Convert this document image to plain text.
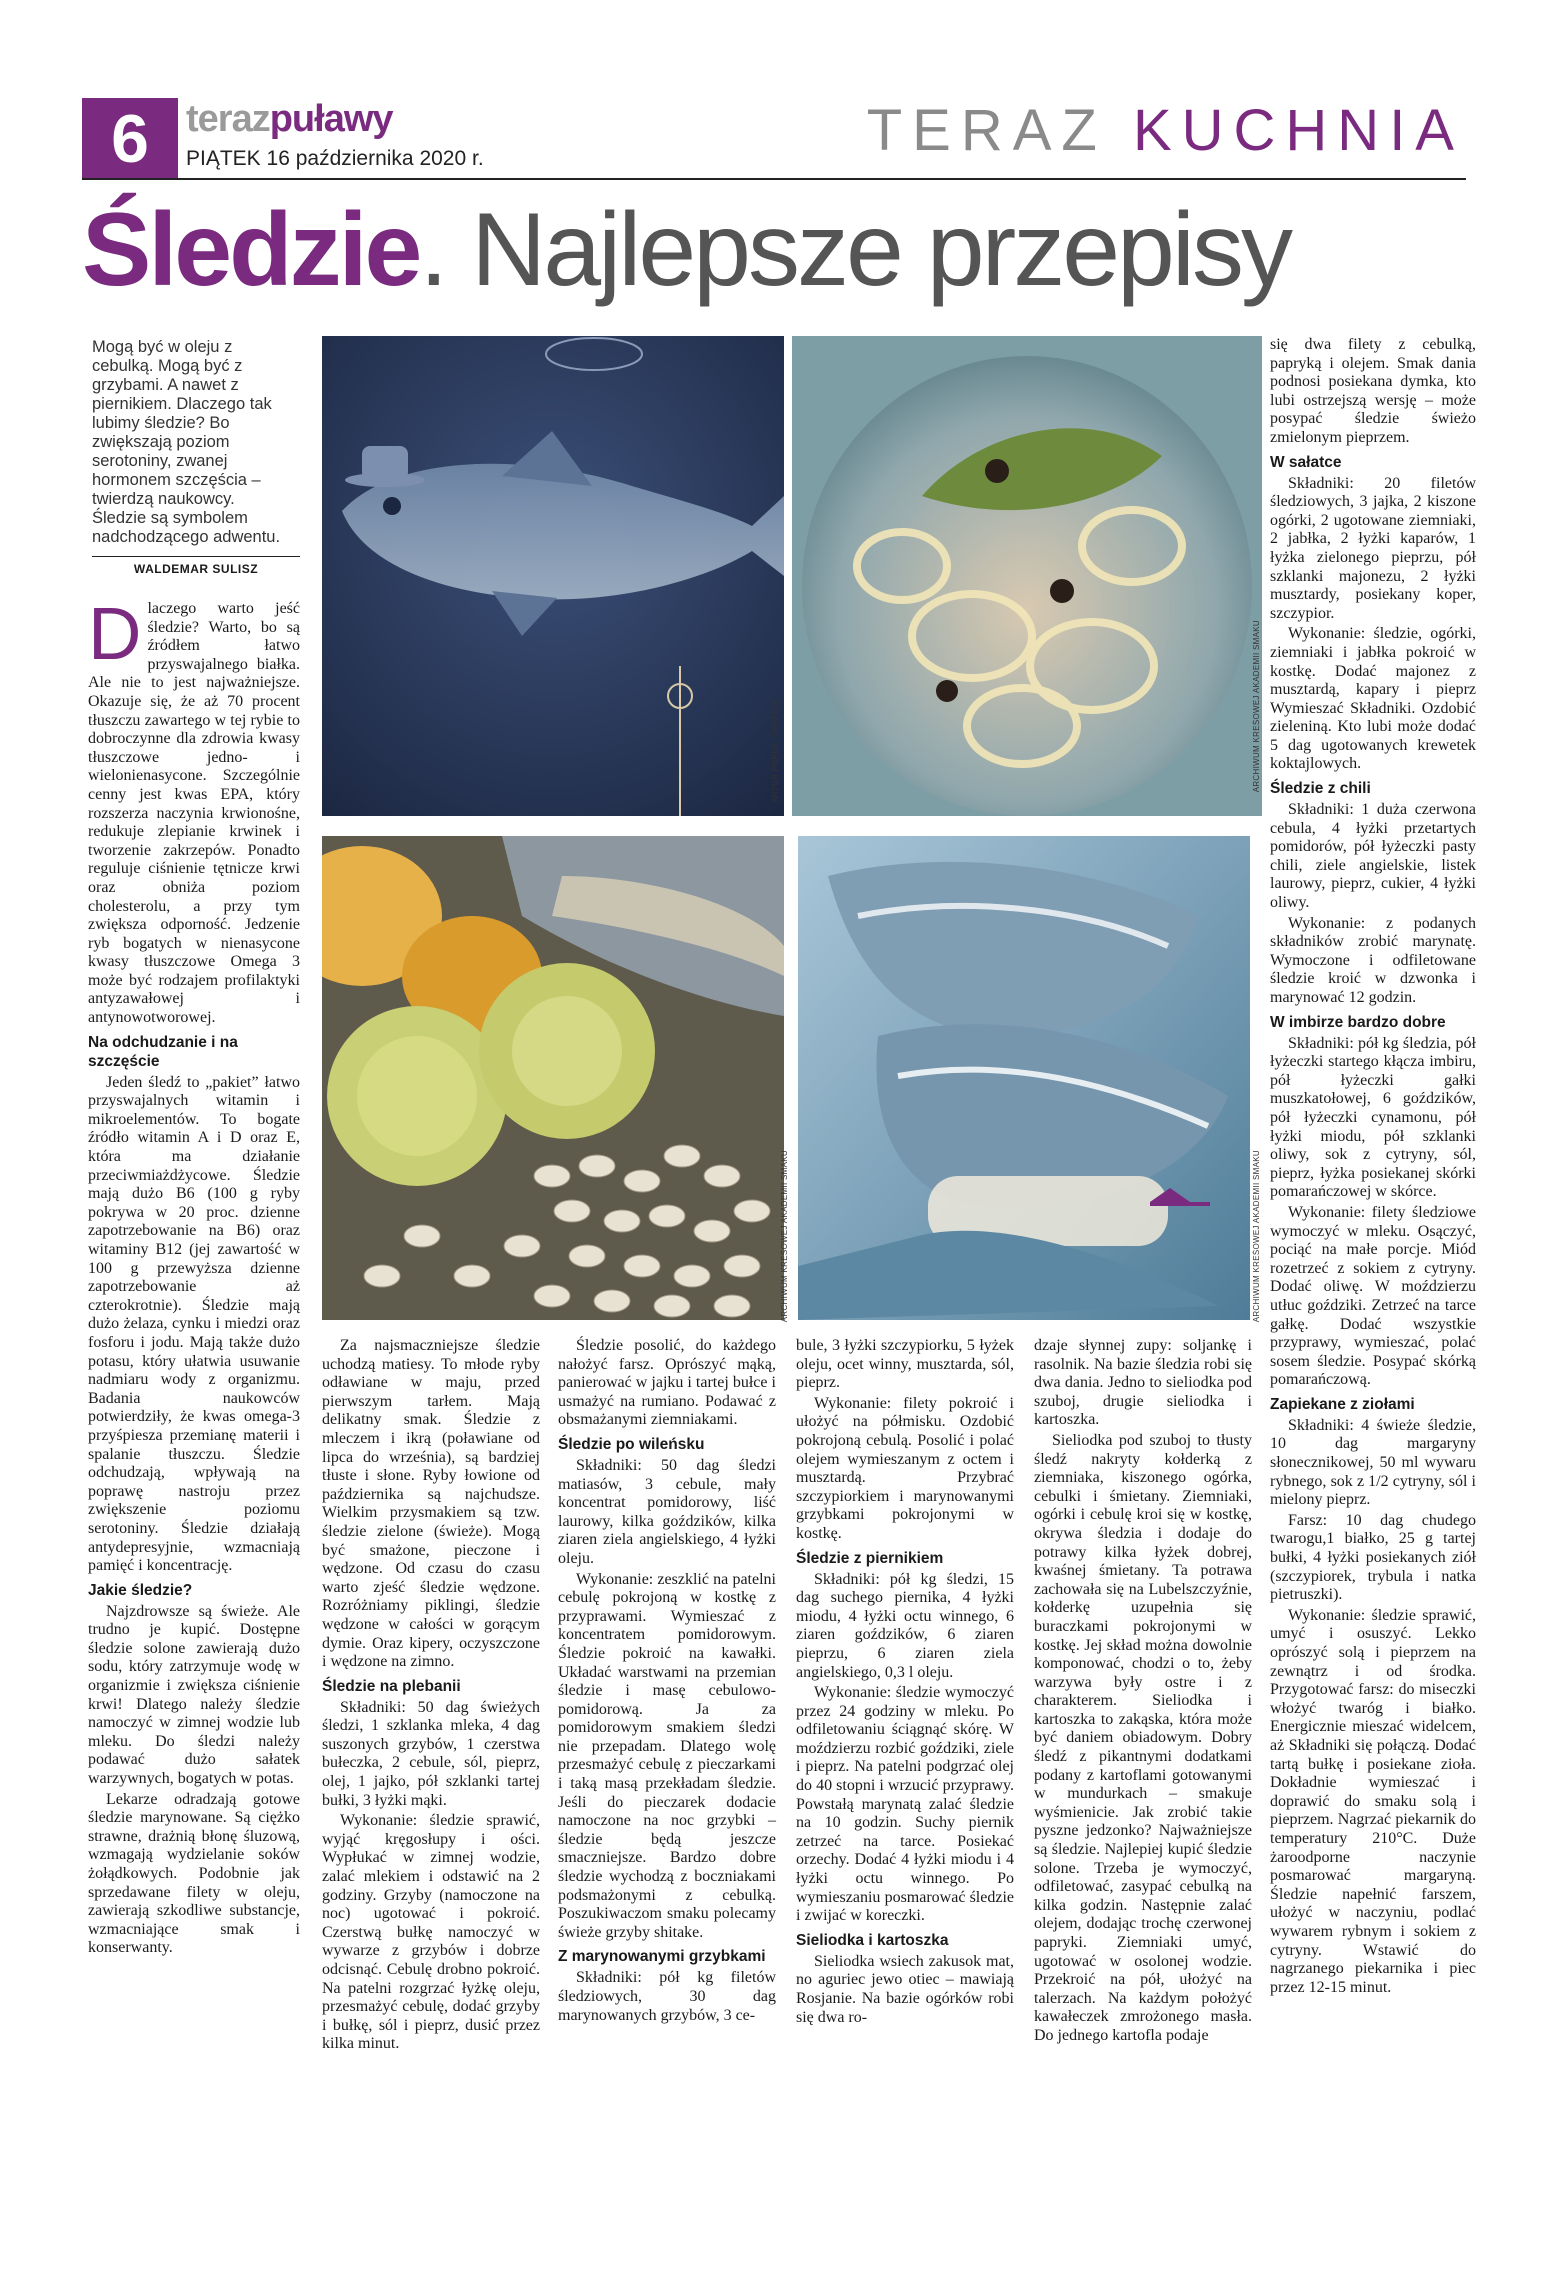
6 terazpuławy
PIĄTEK 16 października 2020 r.	TERAZ KUCHNIA
Śledzie. Najlepsze przepisy
Mogą być w oleju z cebulką. Mogą być z grzybami. A nawet z piernikiem. Dlaczego tak lubimy śledzie? Bo zwiększają poziom serotoniny, zwanej hormonem szczęścia – twierdzą naukowcy. Śledzie są symbolem nadchodzącego adwentu.
WALDEMAR SULISZ
ARTUR POPEK, GRAFIKA	ARCHIWUM KREŚOWEJ AKADEMII SMAKU
ARCHIWUM KREŚOWEJ AKADEMII SMAKU	ARCHIWUM KREŚOWEJ AKADEMII SMAKU

Dlaczego warto jeść śledzie? Warto, bo są źródłem łatwo przyswajalnego białka. Ale nie to jest najważniejsze. Okazuje się, że aż 70 procent tłuszczu zawartego w tej rybie to dobroczynne dla zdrowia kwasy tłuszczowe jedno- i wielonienasycone. Szczególnie cenny jest kwas EPA, który rozszerza naczynia krwionośne, redukuje zlepianie krwinek i tworzenie zakrzepów. Ponadto reguluje ciśnienie tętnicze krwi oraz obniża poziom cholesterolu, a przy tym zwiększa odporność. Jedzenie ryb bogatych w nienasycone kwasy tłuszczowe Omega 3 może być rodzajem profilaktyki antyzawałowej i antynowotworowej.

Na odchudzanie i na szczęście

Jeden śledź to „pakiet” łatwo przyswajalnych witamin i mikroelementów. To bogate źródło witamin A i D oraz E, która ma działanie przeciwmiażdżycowe. Śledzie mają dużo B6 (100 g ryby pokrywa w 20 proc. dzienne zapotrzebowanie na B6) oraz witaminy B12 (jej zawartość w 100 g przewyższa dzienne zapotrzebowanie aż czterokrotnie). Śledzie mają dużo żelaza, cynku i miedzi oraz fosforu i jodu. Mają także dużo potasu, który ułatwia usuwanie nadmiaru wody z organizmu. Badania naukowców potwierdziły, że kwas omega-3 przyśpiesza przemianę materii i spalanie tłuszczu. Śledzie odchudzają, wpływają na poprawę nastroju przez zwiększenie poziomu serotoniny. Śledzie działają antydepresyjnie, wzmacniają pamięć i koncentrację.

Jakie śledzie?

Najzdrowsze są świeże. Ale trudno je kupić. Dostępne śledzie solone zawierają dużo sodu, który zatrzymuje wodę w organizmie i zwiększa ciśnienie krwi! Dlatego należy śledzie namoczyć w zimnej wodzie lub mleku. Do śledzi należy podawać dużo sałatek warzywnych, bogatych w potas.

Lekarze odradzają gotowe śledzie marynowane. Są ciężko strawne, drażnią błonę śluzową, wzmagają wydzielanie soków żołądkowych. Podobnie jak sprzedawane filety w oleju, zawierają szkodliwe substancje, wzmacniające smak i konserwanty.

Za najsmaczniejsze śledzie uchodzą matiesy. To młode ryby odławiane w maju, przed pierwszym tarłem. Mają delikatny smak. Śledzie z mleczem i ikrą (poławiane od lipca do września), są bardziej tłuste i słone. Ryby łowione od października są najchudsze. Wielkim przysmakiem są tzw. śledzie zielone (świeże). Mogą być smażone, pieczone i wędzone. Od czasu do czasu warto zjeść śledzie wędzone. Rozróżniamy piklingi, śledzie wędzone w całości w gorącym dymie. Oraz kipery, oczyszczone i wędzone na zimno.

Śledzie na plebanii

Składniki: 50 dag świeżych śledzi, 1 szklanka mleka, 4 dag suszonych grzybów, 1 czerstwa bułeczka, 2 cebule, sól, pieprz, olej, 1 jajko, pół szklanki tartej bułki, 3 łyżki mąki.

Wykonanie: śledzie sprawić, wyjąć kręgosłupy i ości. Wypłukać w zimnej wodzie, zalać mlekiem i odstawić na 2 godziny. Grzyby (namoczone na noc) ugotować i pokroić. Czerstwą bułkę namoczyć w wywarze z grzybów i dobrze odcisnąć. Cebulę drobno pokroić. Na patelni rozgrzać łyżkę oleju, przesmażyć cebulę, dodać grzyby i bułkę, sól i pieprz, dusić przez kilka minut.

Śledzie posolić, do każdego nałożyć farsz. Oprószyć mąką, panierować w jajku i tartej bułce i usmażyć na rumiano. Podawać z obsmażanymi ziemniakami.

Śledzie po wileńsku

Składniki: 50 dag śledzi matiasów, 3 cebule, mały koncentrat pomidorowy, liść laurowy, kilka goździków, kilka ziaren ziela angielskiego, 4 łyżki oleju.

Wykonanie: zeszklić na patelni cebulę pokrojoną w kostkę z przyprawami. Wymieszać z koncentratem pomidorowym. Śledzie pokroić na kawałki. Układać warstwami na przemian śledzie i masę cebulowo-pomidorową. Ja za pomidorowym smakiem śledzi nie przepadam. Dlatego wolę przesmażyć cebulę z pieczarkami i taką masą przekładam śledzie. Jeśli do pieczarek dodacie namoczone na noc grzybki – śledzie będą jeszcze smaczniejsze. Bardzo dobre śledzie wychodzą z boczniakami podsmażonymi z cebulką. Poszukiwaczom smaku polecamy świeże grzyby shitake.

Z marynowanymi grzybkami

Składniki: pół kg filetów śledziowych, 30 dag marynowanych grzybów, 3 ce-

bule, 3 łyżki szczypiorku, 5 łyżek oleju, ocet winny, musztarda, sól, pieprz.

Wykonanie: filety pokroić i ułożyć na półmisku. Ozdobić pokrojoną cebulą. Posolić i polać olejem wymieszanym z octem i musztardą. Przybrać szczypiorkiem i marynowanymi grzybkami pokrojonymi w kostkę.

Śledzie z piernikiem

Składniki: pół kg śledzi, 15 dag suchego piernika, 4 łyżki miodu, 4 łyżki octu winnego, 6 ziaren goździków, 6 ziaren pieprzu, 6 ziaren ziela angielskiego, 0,3 l oleju.

Wykonanie: śledzie wymoczyć przez 24 godziny w mleku. Po odfiletowaniu ściągnąć skórę. W moździerzu rozbić goździki, ziele i pieprz. Na patelni podgrzać olej do 40 stopni i wrzucić przyprawy. Powstałą marynatą zalać śledzie na 10 godzin. Suchy piernik zetrzeć na tarce. Posiekać orzechy. Dodać 4 łyżki miodu i 4 łyżki octu winnego. Po wymieszaniu posmarować śledzie i zwijać w koreczki.

Sieliodka i kartoszka

Sieliodka wsiech zakusok mat, no aguriec jewo otiec – mawiają Rosjanie. Na bazie ogórków robi się dwa ro-

dzaje słynnej zupy: soljankę i rasolnik. Na bazie śledzia robi się dwa dania. Jedno to sieliodka pod szuboj, drugie sieliodka i kartoszka.

Sieliodka pod szuboj to tłusty śledź nakryty kołderką z ziemniaka, kiszonego ogórka, cebulki i śmietany. Ziemniaki, ogórki i cebulę kroi się w kostkę, okrywa śledzia i dodaje do potrawy kilka łyżek dobrej, kwaśnej śmietany. Ta potrawa zachowała się na Lubelszczyźnie, kołderkę uzupełnia się buraczkami pokrojonymi w kostkę. Jej skład można dowolnie komponować, chodzi o to, żeby warzywa były ostre i z charakterem. Sieliodka i kartoszka to zakąska, która może być daniem obiadowym. Dobry śledź z pikantnymi dodatkami podany z kartoflami gotowanymi w mundurkach – smakuje wyśmienicie. Jak zrobić takie pyszne jedzonko? Najważniejsze są śledzie. Najlepiej kupić śledzie solone. Trzeba je wymoczyć, odfiletować, zasypać cebulką na kilka godzin. Następnie zalać olejem, dodając trochę czerwonej papryki. Ziemniaki umyć, ugotować w osolonej wodzie. Przekroić na pół, ułożyć na talerzach. Na każdym położyć kawałeczek zmrożonego masła. Do jednego kartofla podaje

się dwa filety z cebulką, papryką i olejem. Smak dania podnosi posiekana dymka, kto lubi ostrzejszą wersję – może posypać śledzie świeżo zmielonym pieprzem.

W sałatce

Składniki: 20 filetów śledziowych, 3 jajka, 2 kiszone ogórki, 2 ugotowane ziemniaki, 2 jabłka, 2 łyżki kaparów, 1 łyżka zielonego pieprzu, pół szklanki majonezu, 2 łyżki musztardy, posiekany koper, szczypior.

Wykonanie: śledzie, ogórki, ziemniaki i jabłka pokroić w kostkę. Dodać majonez z musztardą, kapary i pieprz Wymieszać Składniki. Ozdobić zieleniną. Kto lubi może dodać 5 dag ugotowanych krewetek koktajlowych.

Śledzie z chili

Składniki: 1 duża czerwona cebula, 4 łyżki przetartych pomidorów, pół łyżeczki pasty chili, ziele angielskie, listek laurowy, pieprz, cukier, 4 łyżki oliwy.

Wykonanie: z podanych składników zrobić marynatę. Wymoczone i odfiletowane śledzie kroić w dzwonka i marynować 12 godzin.

W imbirze bardzo dobre

Składniki: pół kg śledzia, pół łyżeczki startego kłącza imbiru, pół łyżeczki gałki muszkatołowej, 6 goździków, pół łyżeczki cynamonu, pół łyżki miodu, pół szklanki oliwy, sok z cytryny, sól, pieprz, łyżka posiekanej skórki pomarańczowej w skórce.

Wykonanie: filety śledziowe wymoczyć w mleku. Osączyć, pociąć na małe porcje. Miód rozetrzeć z sokiem z cytryny. Dodać oliwę. W moździerzu utłuc goździki. Zetrzeć na tarce gałkę. Dodać wszystkie przyprawy, wymieszać, polać sosem śledzie. Posypać skórką pomarańczową.

Zapiekane z ziołami

Składniki: 4 świeże śledzie, 10 dag margaryny słonecznikowej, 50 ml wywaru rybnego, sok z 1/2 cytryny, sól i mielony pieprz.

Farsz: 10 dag chudego twarogu,1 białko, 25 g tartej bułki, 4 łyżki posiekanych ziół (szczypiorek, trybula i natka pietruszki).

Wykonanie: śledzie sprawić, umyć i osuszyć. Lekko oprószyć solą i pieprzem na zewnątrz i od środka. Przygotować farsz: do miseczki włożyć twaróg i białko. Energicznie mieszać widelcem, aż Składniki się połączą. Dodać tartą bułkę i posiekane zioła. Dokładnie wymieszać i doprawić do smaku solą i pieprzem. Nagrzać piekarnik do temperatury 210°C. Duże żaroodporne naczynie posmarować margaryną. Śledzie napełnić farszem, ułożyć w naczyniu, podlać wywarem rybnym i sokiem z cytryny. Wstawić do nagrzanego piekarnika i piec przez 12-15 minut.
